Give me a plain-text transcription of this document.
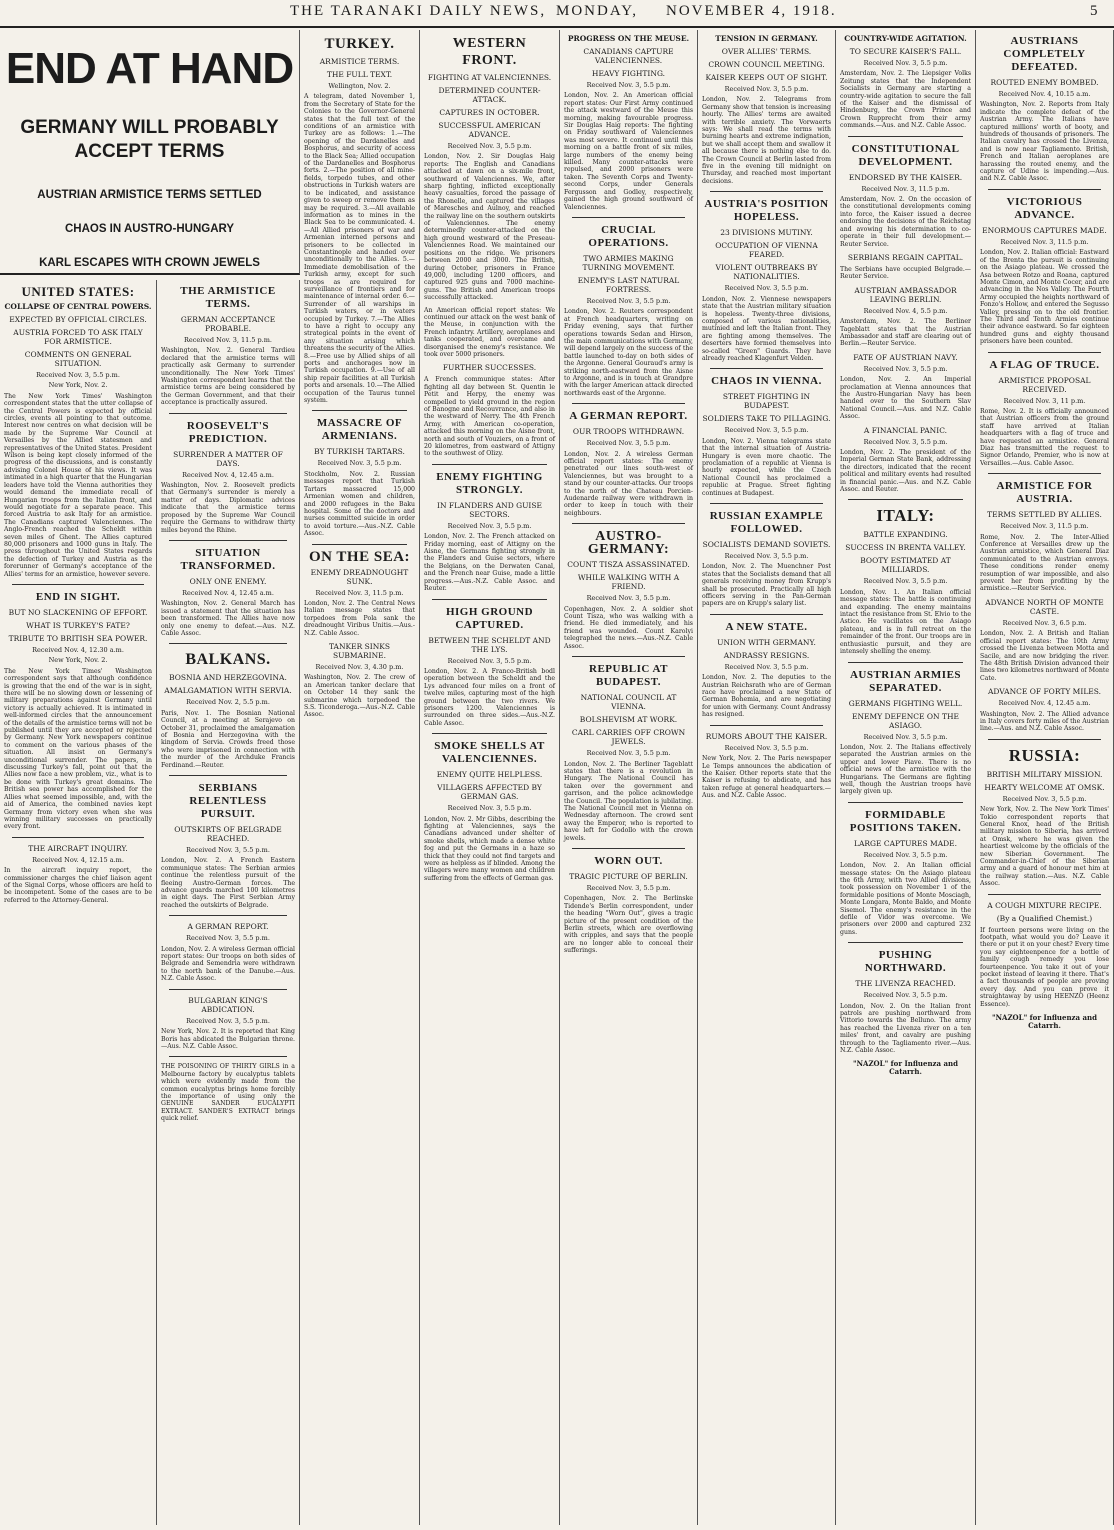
THE TARANAKI DAILY NEWS, MONDAY, NOVEMBER 4, 1918.	5
END AT HAND
GERMANY WILL PROBABLY ACCEPT TERMS
AUSTRIAN ARMISTICE TERMS SETTLED
CHAOS IN AUSTRO-HUNGARY
KARL ESCAPES WITH CROWN JEWELS
UNITED STATES:
COLLAPSE OF CENTRAL POWERS.
EXPECTED BY OFFICIAL CIRCLES.
AUSTRIA FORCED TO ASK ITALY FOR ARMISTICE.
COMMENTS ON GENERAL SITUATION.
Received Nov. 3, 5.5 p.m.
New York, Nov. 2.
The New York Times' Washington correspondent states that the utter collapse of the Central Powers is expected by official circles, events all pointing to that outcome. Interest now centres on what decision will be made by the Supreme War Council at Versailles by the Allied statesmen and representatives of the United States. President Wilson is being kept closely informed of the progress of the discussions, and is constantly advising Colonel House of his views. It was intimated in a high quarter that the Hungarian leaders have told the Vienna authorities they would demand the immediate recall of Hungarian troops from the Italian front, and would negotiate for a separate peace. This forced Austria to ask Italy for an armistice. The Canadians captured Valenciennes. The Anglo-French reached the Scheldt within seven miles of Ghent. The Allies captured 80,000 prisoners and 1000 guns in Italy. The press throughout the United States regards the defection of Turkey and Austria as the forerunner of Germany's acceptance of the Allies' terms for an armistice, however severe.
END IN SIGHT.
BUT NO SLACKENING OF EFFORT.
WHAT IS TURKEY'S FATE?
TRIBUTE TO BRITISH SEA POWER.
Received Nov. 4, 12.30 a.m.
New York, Nov. 2.
The New York Times' Washington correspondent says that although confidence is growing that the end of the war is in sight, there will be no slowing down or lessening of military preparations against Germany until victory is actually achieved. It is intimated in well-informed circles that the announcement of the details of the armistice terms will not be published until they are accepted or rejected by Germany. New York newspapers continue to comment on the various phases of the situation. All insist on Germany's unconditional surrender. The papers, in discussing Turkey's fall, point out that the Allies now face a new problem, viz., what is to be done with Turkey's great domains. The British sea power has accomplished for the Allies what seemed impossible, and, with the aid of America, the combined navies kept Germany from victory even when she was winning military successes on practically every front.
THE AIRCRAFT INQUIRY.
Received Nov. 4, 12.15 a.m.
In the aircraft inquiry report, the commissioner charges the chief liaison agent of the Signal Corps, whose officers are held to be incompetent. Some of the cases are to be referred to the Attorney-General.
THE ARMISTICE TERMS.
GERMAN ACCEPTANCE PROBABLE.
Received Nov. 3, 11.5 p.m.
Washington, Nov. 2. General Tardieu declared that the armistice terms will practically ask Germany to surrender unconditionally. The New York Times' Washington correspondent learns that the armistice terms are being considered by the German Government, and that their acceptance is practically assured.
ROOSEVELT'S PREDICTION.
SURRENDER A MATTER OF DAYS.
Received Nov. 4, 12.45 a.m.
Washington, Nov. 2. Roosevelt predicts that Germany's surrender is merely a matter of days. Diplomatic advices indicate that the armistice terms proposed by the Supreme War Council require the Germans to withdraw thirty miles beyond the Rhine.
SITUATION TRANSFORMED.
ONLY ONE ENEMY.
Received Nov. 4, 12.45 a.m.
Washington, Nov. 2. General March has issued a statement that the situation has been transformed. The Allies have now only one enemy to defeat.—Aus. N.Z. Cable Assoc.
BALKANS.
BOSNIA AND HERZEGOVINA.
AMALGAMATION WITH SERVIA.
Received Nov. 2, 5.5 p.m.
Paris, Nov. 1. The Bosnian National Council, at a meeting at Serajevo on October 31, proclaimed the amalgamation of Bosnia and Herzegovina with the kingdom of Servia. Crowds freed those who were imprisoned in connection with the murder of the Archduke Francis Ferdinand.—Reuter.
SERBIANS RELENTLESS PURSUIT.
OUTSKIRTS OF BELGRADE REACHED.
Received Nov. 3, 5.5 p.m.
London, Nov. 2. A French Eastern communique states: The Serbian armies continue the relentless pursuit of the fleeing Austro-German forces. The advance guards marched 100 kilometres in eight days. The First Serbian Army reached the outskirts of Belgrade.
A GERMAN REPORT.
Received Nov. 3, 5.5 p.m.
London, Nov. 2. A wireless German official report states: Our troops on both sides of Belgrade and Semendria were withdrawn to the north bank of the Danube.—Aus. N.Z. Cable Assoc.
BULGARIAN KING'S ABDICATION.
Received Nov. 3, 5.5 p.m.
New York, Nov. 2. It is reported that King Boris has abdicated the Bulgarian throne.—Aus. N.Z. Cable Assoc.
THE POISONING OF THIRTY GIRLS in a Melbourne factory by eucalyptus tablets which were evidently made from the common eucalyptus brings home forcibly the importance of using only the GENUINE SANDER EUCALYPTI EXTRACT. SANDER'S EXTRACT brings quick relief.
TURKEY.
ARMISTICE TERMS.
THE FULL TEXT.
Wellington, Nov. 2.
A telegram, dated November 1, from the Secretary of State for the Colonies to the Governor-General states that the full text of the conditions of an armistice with Turkey are as follows: 1.—The opening of the Dardanelles and Bosphorus, and security of access to the Black Sea; Allied occupation of the Dardanelles and Bosphorus forts. 2.—The position of all mine-fields, torpedo tubes, and other obstructions in Turkish waters are to be indicated, and assistance given to sweep or remove them as may be required. 3.—All available information as to mines in the Black Sea to be communicated. 4.—All Allied prisoners of war and Armenian interned persons and prisoners to be collected in Constantinople and handed over unconditionally to the Allies. 5.—Immediate demobilisation of the Turkish army, except for such troops as are required for surveillance of frontiers and for maintenance of internal order. 6.—Surrender of all warships in Turkish waters, or in waters occupied by Turkey. 7.—The Allies to have a right to occupy any strategical points in the event of any situation arising which threatens the security of the Allies. 8.—Free use by Allied ships of all ports and anchorages now in Turkish occupation. 9.—Use of all ship repair facilities at all Turkish ports and arsenals. 10.—The Allied occupation of the Taurus tunnel system.
MASSACRE OF ARMENIANS.
BY TURKISH TARTARS.
Received Nov. 3, 5.5 p.m.
Stockholm, Nov. 2. Russian messages report that Turkish Tartars massacred 15,000 Armenian women and children, and 2000 refugees in the Baku hospital. Some of the doctors and nurses committed suicide in order to avoid torture.—Aus.-N.Z. Cable Assoc.
ON THE SEA:
ENEMY DREADNOUGHT SUNK.
Received Nov. 3, 11.5 p.m.
London, Nov. 2. The Central News Italian message states that torpedoes from Pola sank the dreadnought Viribus Unitis.—Aus.-N.Z. Cable Assoc.
TANKER SINKS SUBMARINE.
Received Nov. 3, 4.30 p.m.
Washington, Nov. 2. The crew of an American tanker declare that on October 14 they sank the submarine which torpedoed the S.S. Ticonderoga.—Aus.-N.Z. Cable Assoc.
WESTERN FRONT.
FIGHTING AT VALENCIENNES.
DETERMINED COUNTER-ATTACK.
CAPTURES IN OCTOBER.
SUCCESSFUL AMERICAN ADVANCE.
Received Nov. 3, 5.5 p.m.
London, Nov. 2. Sir Douglas Haig reports: The English and Canadians attacked at dawn on a six-mile front, southward of Valenciennes. We, after sharp fighting, inflicted exceptionally heavy casualties, forced the passage of the Rhonelle, and captured the villages of Maresches and Aulnoy, and reached the railway line on the southern outskirts of Valenciennes. The enemy determinedly counter-attacked on the high ground westward of the Preseau-Valenciennes Road. We maintained our positions on the ridge. We prisoners between 2000 and 3000. The British, during October, prisoners in France 49,000, including 1200 officers, and captured 925 guns and 7000 machine-guns. The British and American troops successfully attacked.
An American official report states: We continued our attack on the west bank of the Meuse, in conjunction with the French infantry. Artillery, aeroplanes and tanks cooperated, and overcame and disorganised the enemy's resistance. We took over 5000 prisoners.
FURTHER SUCCESSES.
A French communique states: After fighting all day between St. Quentin le Petit and Herpy, the enemy was compelled to yield ground in the region of Banogne and Recouvrance, and also in the westward of Nerry. The 4th French Army, with American co-operation, attacked this morning on the Aisne front, north and south of Vouziers, on a front of 20 kilometres, from eastward of Attigny to the southwest of Olizy.
ENEMY FIGHTING STRONGLY.
IN FLANDERS AND GUISE SECTORS.
Received Nov. 3, 5.5 p.m.
London, Nov. 2. The French attacked on Friday morning, east of Attigny on the Aisne, the Germans fighting strongly in the Flanders and Guise sectors, where the Belgians, on the Derwaten Canal, and the French near Guise, made a little progress.—Aus.-N.Z. Cable Assoc. and Reuter.
HIGH GROUND CAPTURED.
BETWEEN THE SCHELDT AND THE LYS.
Received Nov. 3, 5.5 p.m.
London, Nov. 2. A Franco-British bodl operation between the Scheldt and the Lys advanced four miles on a front of twelve miles, capturing most of the high ground between the two rivers. We prisoners 1200. Valenciennes is surrounded on three sides.—Aus.-N.Z. Cable Assoc.
SMOKE SHELLS AT VALENCIENNES.
ENEMY QUITE HELPLESS.
VILLAGERS AFFECTED BY GERMAN GAS.
Received Nov. 3, 5.5 p.m.
London, Nov. 2. Mr Gibbs, describing the fighting at Valenciennes, says the Canadians advanced under shelter of smoke shells, which made a dense white fog and put the Germans in a haze so thick that they could not find targets and were as helpless as if blinded. Among the villagers were many women and children suffering from the effects of German gas.
PROGRESS ON THE MEUSE.
CANADIANS CAPTURE VALENCIENNES.
HEAVY FIGHTING.
Received Nov. 3, 5.5 p.m.
London, Nov. 2. An American official report states: Our First Army continued the attack westward of the Meuse this morning, making favourable progress. Sir Douglas Haig reports: The fighting on Friday southward of Valenciennes was most severe. It continued until this morning on a battle front of six miles, large numbers of the enemy being killed. Many counter-attacks were repulsed, and 2000 prisoners were taken. The Seventh Corps and Twenty-second Corps, under Generals Fergusson and Godley, respectively, gained the high ground southward of Valenciennes.
CRUCIAL OPERATIONS.
TWO ARMIES MAKING TURNING MOVEMENT.
ENEMY'S LAST NATURAL FORTRESS.
Received Nov. 3, 5.5 p.m.
London, Nov. 2. Reuters correspondent at French headquarters, writing on Friday evening, says that further operations towards Sedan and Hirson, the main communications with Germany, will depend largely on the success of the battle launched to-day on both sides of the Argonne. General Gouraud's army is striking north-eastward from the Aisne to Argonne, and is in touch at Grandpre with the larger American attack directed northwards east of the Argonne.
A GERMAN REPORT.
OUR TROOPS WITHDRAWN.
Received Nov. 3, 5.5 p.m.
London, Nov. 2. A wireless German official report states: The enemy penetrated our lines south-west of Valenciennes, but was brought to a stand by our counter-attacks. Our troops to the north of the Chateau Porcien-Audenarde railway were withdrawn in order to keep in touch with their neighbours.
AUSTRO-GERMANY:
COUNT TISZA ASSASSINATED.
WHILE WALKING WITH A FRIEND.
Received Nov. 3, 5.5 p.m.
Copenhagen, Nov. 2. A soldier shot Count Tisza, who was walking with a friend. He died immediately, and his friend was wounded. Count Karolyi telegraphed the news.—Aus.-N.Z. Cable Assoc.
REPUBLIC AT BUDAPEST.
NATIONAL COUNCIL AT VIENNA.
BOLSHEVISM AT WORK.
CARL CARRIES OFF CROWN JEWELS.
Received Nov. 3, 5.5 p.m.
London, Nov. 2. The Berliner Tageblatt states that there is a revolution in Hungary. The National Council has taken over the government and garrison, and the police acknowledge the Council. The population is jubilating. The National Council met in Vienna on Wednesday afternoon. The crowd sent away the Emperor, who is reported to have left for Godollo with the crown jewels.
WORN OUT.
TRAGIC PICTURE OF BERLIN.
Received Nov. 3, 5.5 p.m.
Copenhagen, Nov. 2. The Berlinske Tidende's Berlin correspondent, under the heading "Worn Out", gives a tragic picture of the present condition of the Berlin streets, which are overflowing with cripples, and says that the people are no longer able to conceal their sufferings.
TENSION IN GERMANY.
OVER ALLIES' TERMS.
CROWN COUNCIL MEETING.
KAISER KEEPS OUT OF SIGHT.
Received Nov. 3, 5.5 p.m.
London, Nov. 2. Telegrams from Germany show that tension is increasing hourly. The Allies' terms are awaited with terrible anxiety. The Vorwaerts says: We shall read the terms with burning hearts and extreme indignation, but we shall accept them and swallow it all because there is nothing else to do. The Crown Council at Berlin lasted from five in the evening till midnight on Thursday, and reached most important decisions.
AUSTRIA'S POSITION HOPELESS.
23 DIVISIONS MUTINY.
OCCUPATION OF VIENNA FEARED.
VIOLENT OUTBREAKS BY NATIONALITIES.
Received Nov. 3, 5.5 p.m.
London, Nov. 2. Viennese newspapers state that the Austrian military situation is hopeless. Twenty-three divisions, composed of various nationalities, mutinied and left the Italian front. They are fighting among themselves. The deserters have formed themselves into so-called "Green" Guards. They have already reached Klagenfurt Velden.
CHAOS IN VIENNA.
STREET FIGHTING IN BUDAPEST.
SOLDIERS TAKE TO PILLAGING.
Received Nov. 3, 5.5 p.m.
London, Nov. 2. Vienna telegrams state that the internal situation of Austria-Hungary is even more chaotic. The proclamation of a republic at Vienna is hourly expected, while the Czech National Council has proclaimed a republic at Prague. Street fighting continues at Budapest.
RUSSIAN EXAMPLE FOLLOWED.
SOCIALISTS DEMAND SOVIETS.
Received Nov. 3, 5.5 p.m.
London, Nov. 2. The Muenchner Post states that the Socialists demand that all generals receiving money from Krupp's shall be prosecuted. Practically all high officers serving in the Pan-German papers are on Krupp's salary list.
A NEW STATE.
UNION WITH GERMANY.
ANDRASSY RESIGNS.
Received Nov. 3, 5.5 p.m.
London, Nov. 2. The deputies to the Austrian Reichsrath who are of German race have proclaimed a new State of German Bohemia, and are negotiating for union with Germany. Count Andrassy has resigned.
RUMORS ABOUT THE KAISER.
Received Nov. 3, 5.5 p.m.
New York, Nov. 2. The Paris newspaper Le Temps announces the abdication of the Kaiser. Other reports state that the Kaiser is refusing to abdicate, and has taken refuge at general headquarters.—Aus. and N.Z. Cable Assoc.
COUNTRY-WIDE AGITATION.
TO SECURE KAISER'S FALL.
Received Nov. 3, 5.5 p.m.
Amsterdam, Nov. 2. The Liepsiger Volks Zeitung states that the Independent Socialists in Germany are starting a country-wide agitation to secure the fall of the Kaiser and the dismissal of Hindenburg, the Crown Prince and Crown Rupprecht from their army commands.—Aus. and N.Z. Cable Assoc.
CONSTITUTIONAL DEVELOPMENT.
ENDORSED BY THE KAISER.
Received Nov. 3, 11.5 p.m.
Amsterdam, Nov. 2. On the occasion of the constitutional developments coming into force, the Kaiser issued a decree endorsing the decisions of the Reichstag and avowing his determination to co-operate in their full development.—Reuter Service.
SERBIANS REGAIN CAPITAL.
The Serbians have occupied Belgrade.—Reuter Service.
AUSTRIAN AMBASSADOR LEAVING BERLIN.
Received Nov. 4, 5.5 p.m.
Amsterdam, Nov. 2. The Berliner Tageblatt states that the Austrian Ambassador and staff are clearing out of Berlin.—Reuter Service.
FATE OF AUSTRIAN NAVY.
Received Nov. 3, 5.5 p.m.
London, Nov. 2. An Imperial proclamation at Vienna announces that the Austro-Hungarian Navy has been handed over to the Southern Slav National Council.—Aus. and N.Z. Cable Assoc.
A FINANCIAL PANIC.
Received Nov. 3, 5.5 p.m.
London, Nov. 2. The president of the Imperial German State Bank, addressing the directors, indicated that the recent political and military events had resulted in financial panic.—Aus. and N.Z. Cable Assoc. and Reuter.
ITALY:
BATTLE EXPANDING.
SUCCESS IN BRENTA VALLEY.
BOOTY ESTIMATED AT MILLIARDS.
Received Nov. 3, 5.5 p.m.
London, Nov. 1. An Italian official message states: The battle is continuing and expanding. The enemy maintains intact the resistance from St. Elvio to the Astico. He vacillates on the Asiago plateau, and is in full retreat on the remainder of the front. Our troops are in enthusiastic pursuit, and they are intensely shelling the enemy.
AUSTRIAN ARMIES SEPARATED.
GERMANS FIGHTING WELL.
ENEMY DEFENCE ON THE ASIAGO.
Received Nov. 3, 5.5 p.m.
London, Nov. 2. The Italians effectively separated the Austrian armies on the upper and lower Piave. There is no official news of the armistice with the Hungarians. The Germans are fighting well, though the Austrian troops have largely given up.
FORMIDABLE POSITIONS TAKEN.
LARGE CAPTURES MADE.
Received Nov. 3, 5.5 p.m.
London, Nov. 2. An Italian official message states: On the Asiago plateau the 6th Army, with two Allied divisions, took possession on November 1 of the formidable positions of Monte Mosciagh, Monte Longara, Monte Baldo, and Monte Sisemol. The enemy's resistance in the defile of Vidor was overcome. We prisoners over 2000 and captured 232 guns.
PUSHING NORTHWARD.
THE LIVENZA REACHED.
Received Nov. 3, 5.5 p.m.
London, Nov. 2. On the Italian front patrols are pushing northward from Vittorio towards the Belluno. The army has reached the Livenza river on a ten miles' front, and cavalry are pushing through to the Tagliamento river.—Aus. N.Z. Cable Assoc.
"NAZOL" for Influenza and Catarrh.
AUSTRIANS COMPLETELY DEFEATED.
ROUTED ENEMY BOMBED.
Received Nov. 4, 10.15 a.m.
Washington, Nov. 2. Reports from Italy indicate the complete defeat of the Austrian Army. The Italians have captured millions' worth of booty, and hundreds of thousands of prisoners. The Italian cavalry has crossed the Livenza, and is now near Tagliamento. British, French and Italian aeroplanes are harassing the routed enemy, and the capture of Udine is impending.—Aus. and N.Z. Cable Assoc.
VICTORIOUS ADVANCE.
ENORMOUS CAPTURES MADE.
Received Nov. 3, 11.5 p.m.
London, Nov. 2. Italian official: Eastward of the Brenta the pursuit is continuing on the Asiago plateau. We crossed the Asa between Rotzo and Roana, captured Monte Cimon, and Monte Cocer, and are advancing in the Nos Valley. The Fourth Army occupied the heights northward of Fonzo's Hollow, and entered the Segusso Valley, pressing on to the old frontier. The Third and Tenth Armies continue their advance eastward. So far eighteen hundred guns and eighty thousand prisoners have been counted.
A FLAG OF TRUCE.
ARMISTICE PROPOSAL RECEIVED.
Received Nov. 3, 11 p.m.
Rome, Nov. 2. It is officially announced that Austrian officers from the ground staff have arrived at Italian headquarters with a flag of truce and have requested an armistice. General Diaz has transmitted the request to Signor Orlando, Premier, who is now at Versailles.—Aus. Cable Assoc.
ARMISTICE FOR AUSTRIA.
TERMS SETTLED BY ALLIES.
Received Nov. 3, 11.5 p.m.
Rome, Nov. 2. The Inter-Allied Conference at Versailles drew up the Austrian armistice, which General Diaz communicated to the Austrian envoys. These conditions render enemy resumption of war impossible, and also prevent her from profiting by the armistice.—Reuter Service.
ADVANCE NORTH OF MONTE CASTE.
Received Nov. 3, 6.5 p.m.
London, Nov. 2. A British and Italian official report states: The 10th Army crossed the Livenza between Motta and Sacile, and are now bridging the river. The 48th British Division advanced their lines two kilometres northward of Monte Cate.
ADVANCE OF FORTY MILES.
Received Nov. 4, 12.45 a.m.
Washington, Nov. 2. The Allied advance in Italy covers forty miles of the Austrian line.—Aus. and N.Z. Cable Assoc.
RUSSIA:
BRITISH MILITARY MISSION.
HEARTY WELCOME AT OMSK.
Received Nov. 3, 5.5 p.m.
New York, Nov. 2. The New York Times' Tokio correspondent reports that General Knox, head of the British military mission to Siberia, has arrived at Omsk, where he was given the heartiest welcome by the officials of the new Siberian Government. The Commander-in-Chief of the Siberian army and a guard of honour met him at the railway station.—Aus. N.Z. Cable Assoc.
A COUGH MIXTURE RECIPE.
(By a Qualified Chemist.)
If fourteen persons were living on the footpath, what would you do? Leave it there or put it on your chest? Every time you say eighteenpence for a bottle of family cough remedy you lose fourteenpence. You take it out of your pocket instead of leaving it there. That's a fact thousands of people are proving every day. And you can prove it straightaway by using HEENZO (Heenz Essence).
"NAZOL" for Influenza and Catarrh.
